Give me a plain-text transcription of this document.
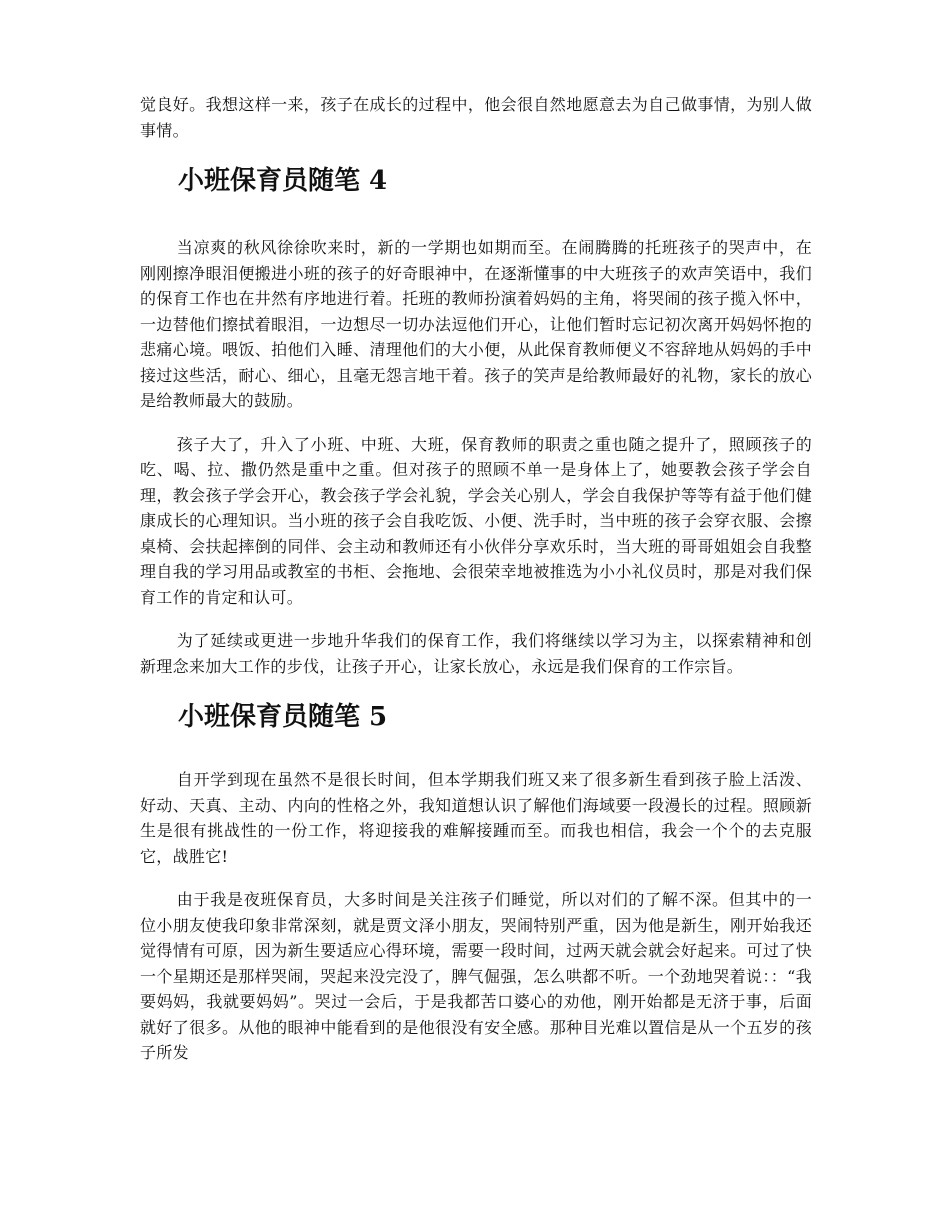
觉良好。我想这样一来，孩子在成长的过程中，他会很自然地愿意去为自己做事情，为别人做事情。

小班保育员随笔 4

当凉爽的秋风徐徐吹来时，新的一学期也如期而至。在闹腾腾的托班孩子的哭声中，在刚刚擦净眼泪便搬进小班的孩子的好奇眼神中，在逐渐懂事的中大班孩子的欢声笑语中，我们的保育工作也在井然有序地进行着。托班的教师扮演着妈妈的主角，将哭闹的孩子揽入怀中，一边替他们擦拭着眼泪，一边想尽一切办法逗他们开心，让他们暂时忘记初次离开妈妈怀抱的悲痛心境。喂饭、拍他们入睡、清理他们的大小便，从此保育教师便义不容辞地从妈妈的手中接过这些活，耐心、细心，且毫无怨言地干着。孩子的笑声是给教师最好的礼物，家长的放心是给教师最大的鼓励。

孩子大了，升入了小班、中班、大班，保育教师的职责之重也随之提升了，照顾孩子的吃、喝、拉、撒仍然是重中之重。但对孩子的照顾不单一是身体上了，她要教会孩子学会自理，教会孩子学会开心，教会孩子学会礼貌，学会关心别人，学会自我保护等等有益于他们健康成长的心理知识。当小班的孩子会自我吃饭、小便、洗手时，当中班的孩子会穿衣服、会擦桌椅、会扶起摔倒的同伴、会主动和教师还有小伙伴分享欢乐时，当大班的哥哥姐姐会自我整理自我的学习用品或教室的书柜、会拖地、会很荣幸地被推选为小小礼仪员时，那是对我们保育工作的肯定和认可。

为了延续或更进一步地升华我们的保育工作，我们将继续以学习为主，以探索精神和创新理念来加大工作的步伐，让孩子开心，让家长放心，永远是我们保育的工作宗旨。

小班保育员随笔 5

自开学到现在虽然不是很长时间，但本学期我们班又来了很多新生看到孩子脸上活泼、好动、天真、主动、内向的性格之外，我知道想认识了解他们海域要一段漫长的过程。照顾新生是很有挑战性的一份工作，将迎接我的难解接踵而至。而我也相信，我会一个个的去克服它，战胜它!

由于我是夜班保育员，大多时间是关注孩子们睡觉，所以对们的了解不深。但其中的一位小朋友使我印象非常深刻，就是贾文泽小朋友，哭闹特别严重，因为他是新生，刚开始我还觉得情有可原，因为新生要适应心得环境，需要一段时间，过两天就会就会好起来。可过了快一个星期还是那样哭闹，哭起来没完没了，脾气倔强，怎么哄都不听。一个劲地哭着说：：“我要妈妈，我就要妈妈”。哭过一会后，于是我都苦口婆心的劝他，刚开始都是无济于事，后面就好了很多。从他的眼神中能看到的是他很没有安全感。那种目光难以置信是从一个五岁的孩子所发
